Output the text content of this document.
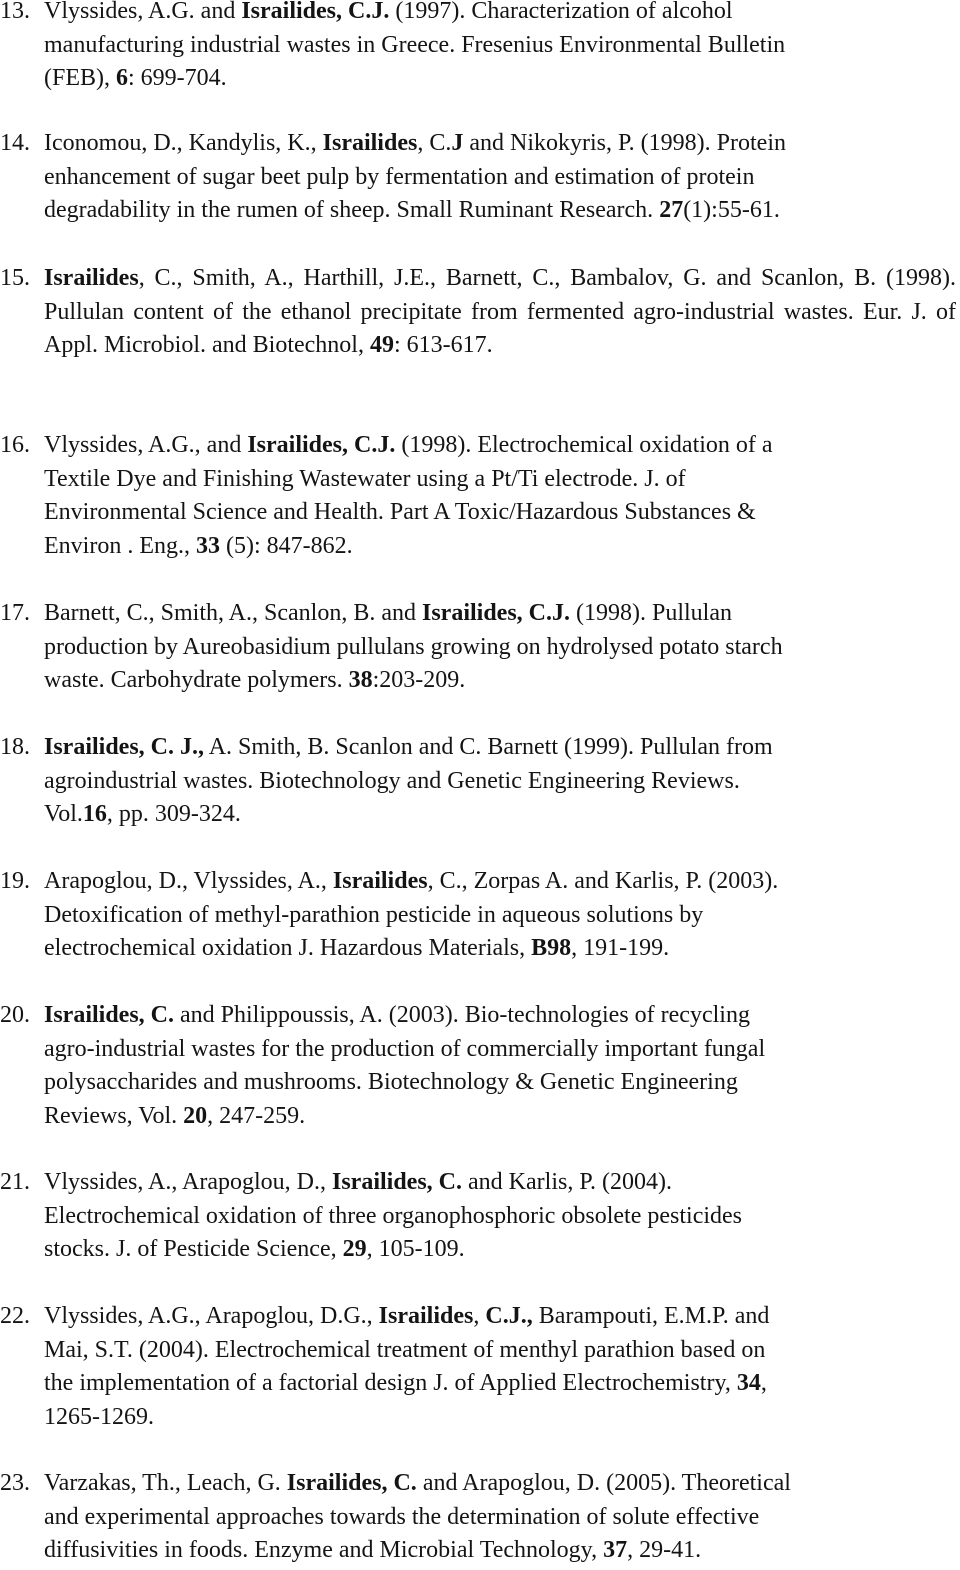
13. Vlyssides, A.G. and Israilides, C.J. (1997). Characterization of alcohol
manufacturing industrial wastes in Greece. Fresenius Environmental Bulletin
(FEB), 6: 699-704.
14. Iconomou, D., Kandylis, K., Israilides, C.J and Nikokyris, P. (1998). Protein
enhancement of sugar beet pulp by fermentation and estimation of protein
degradability in the rumen of sheep. Small Ruminant Research. 27(1):55-61.
15. Israilides, C., Smith, A., Harthill, J.E., Barnett, C., Bambalov, G. and Scanlon, B. (1998). Pullulan content of the ethanol precipitate from fermented agro-industrial wastes. Eur. J. of Appl. Microbiol. and Biotechnol, 49: 613-617.
16. Vlyssides, A.G., and Israilides, C.J. (1998). Electrochemical oxidation of a
Textile Dye and Finishing Wastewater using a Pt/Ti electrode. J. of
Environmental Science and Health. Part A Toxic/Hazardous Substances &
Environ . Eng., 33 (5): 847-862.
17. Barnett, C., Smith, A., Scanlon, B. and Israilides, C.J. (1998). Pullulan
production by Aureobasidium pullulans growing on hydrolysed potato starch
waste. Carbohydrate polymers. 38:203-209.
18. Israilides, C. J., A. Smith, B. Scanlon and C. Barnett (1999). Pullulan from
agroindustrial wastes. Biotechnology and Genetic Engineering Reviews.
Vol.16, pp. 309-324.
19. Arapoglou, D., Vlyssides, A., Israilides, C., Zorpas A. and Karlis, P. (2003).
Detoxification of methyl-parathion pesticide in aqueous solutions by
electrochemical oxidation J. Hazardous Materials, B98, 191-199.
20. Israilides, C. and Philippoussis, A. (2003). Bio-technologies of recycling
agro-industrial wastes for the production of commercially important fungal
polysaccharides and mushrooms. Biotechnology & Genetic Engineering
Reviews, Vol. 20, 247-259.
21. Vlyssides, A., Arapoglou, D., Israilides, C. and Karlis, P. (2004).
Electrochemical oxidation of three organophosphoric obsolete pesticides
stocks. J. of Pesticide Science, 29, 105-109.
22. Vlyssides, A.G., Arapoglou, D.G., Israilides, C.J., Barampouti, E.M.P. and
Mai, S.T. (2004). Electrochemical treatment of menthyl parathion based on
the implementation of a factorial design J. of Applied Electrochemistry, 34,
1265-1269.
23. Varzakas, Th., Leach, G. Israilides, C. and Arapoglou, D. (2005). Theoretical
and experimental approaches towards the determination of solute effective
diffusivities in foods. Enzyme and Microbial Technology, 37, 29-41.
